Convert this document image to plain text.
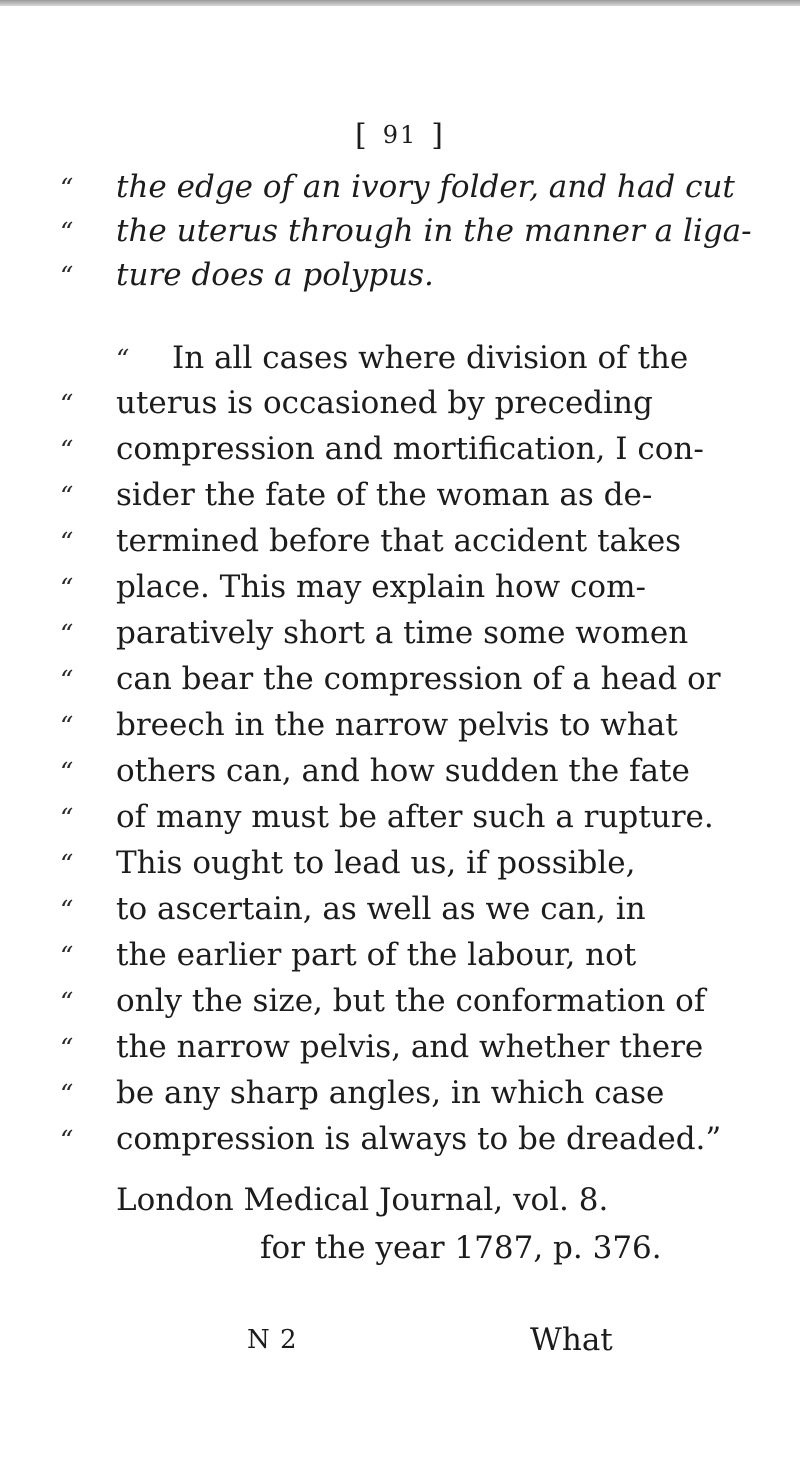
[ 91 ]
“ the edge of an ivory folder, and had cut
“ the uterus through in the manner a liga-
“ ture does a polypus.
“ In all cases where division of the
“ uterus is occasioned by preceding
“ compression and mortification, I con-
“ sider the fate of the woman as de-
“ termined before that accident takes
“ place. This may explain how com-
“ paratively short a time some women
“ can bear the compression of a head or
“ breech in the narrow pelvis to what
“ others can, and how sudden the fate
“ of many must be after such a rupture.
“ This ought to lead us, if possible,
“ to ascertain, as well as we can, in
“ the earlier part of the labour, not
“ only the size, but the conformation of
“ the narrow pelvis, and whether there
“ be any sharp angles, in which case
“ compression is always to be dreaded.”
London Medical Journal, vol. 8.
for the year 1787, p. 376.
N 2	What
